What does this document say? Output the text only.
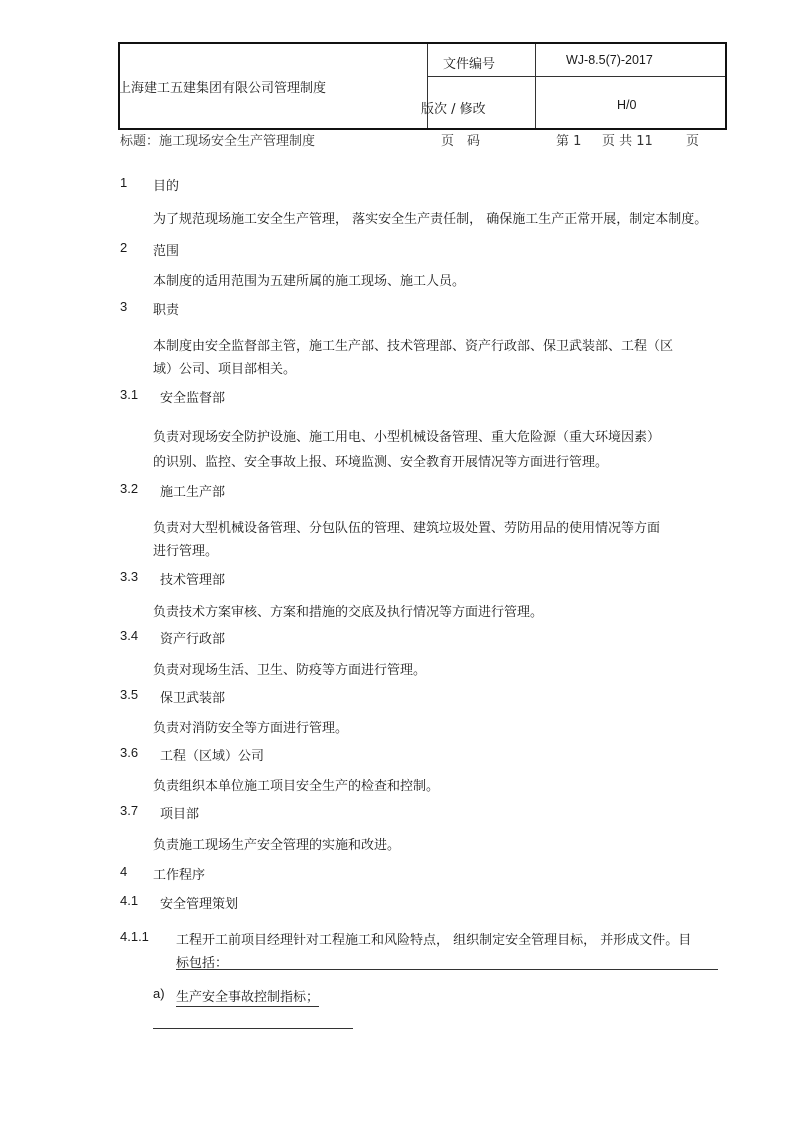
上海建工五建集团有限公司管理制度
文件编号	WJ-8.5(7)-2017
版次 / 修改	H/0
标题：施工现场安全生产管理制度	页　码	第 1 页 共 11	页
1 目的
为了规范现场施工安全生产管理， 落实安全生产责任制， 确保施工生产正常开展，制定本制度。
2 范围
本制度的适用范围为五建所属的施工现场、施工人员。
3 职责
本制度由安全监督部主管，施工生产部、技术管理部、资产行政部、保卫武装部、工程（区
域）公司、项目部相关。
3.1 安全监督部
负责对现场安全防护设施、施工用电、小型机械设备管理、重大危险源（重大环境因素）
的识别、监控、安全事故上报、环境监测、安全教育开展情况等方面进行管理。
3.2 施工生产部
负责对大型机械设备管理、分包队伍的管理、建筑垃圾处置、劳防用品的使用情况等方面
进行管理。
3.3 技术管理部
负责技术方案审核、方案和措施的交底及执行情况等方面进行管理。
3.4 资产行政部
负责对现场生活、卫生、防疫等方面进行管理。
3.5 保卫武装部
负责对消防安全等方面进行管理。
3.6 工程（区域）公司
负责组织本单位施工项目安全生产的检查和控制。
3.7 项目部
负责施工现场生产安全管理的实施和改进。
4 工作程序
4.1 安全管理策划
4.1.1 工程开工前项目经理针对工程施工和风险特点， 组织制定安全管理目标， 并形成文件。目
标包括：
a) 生产安全事故控制指标；
